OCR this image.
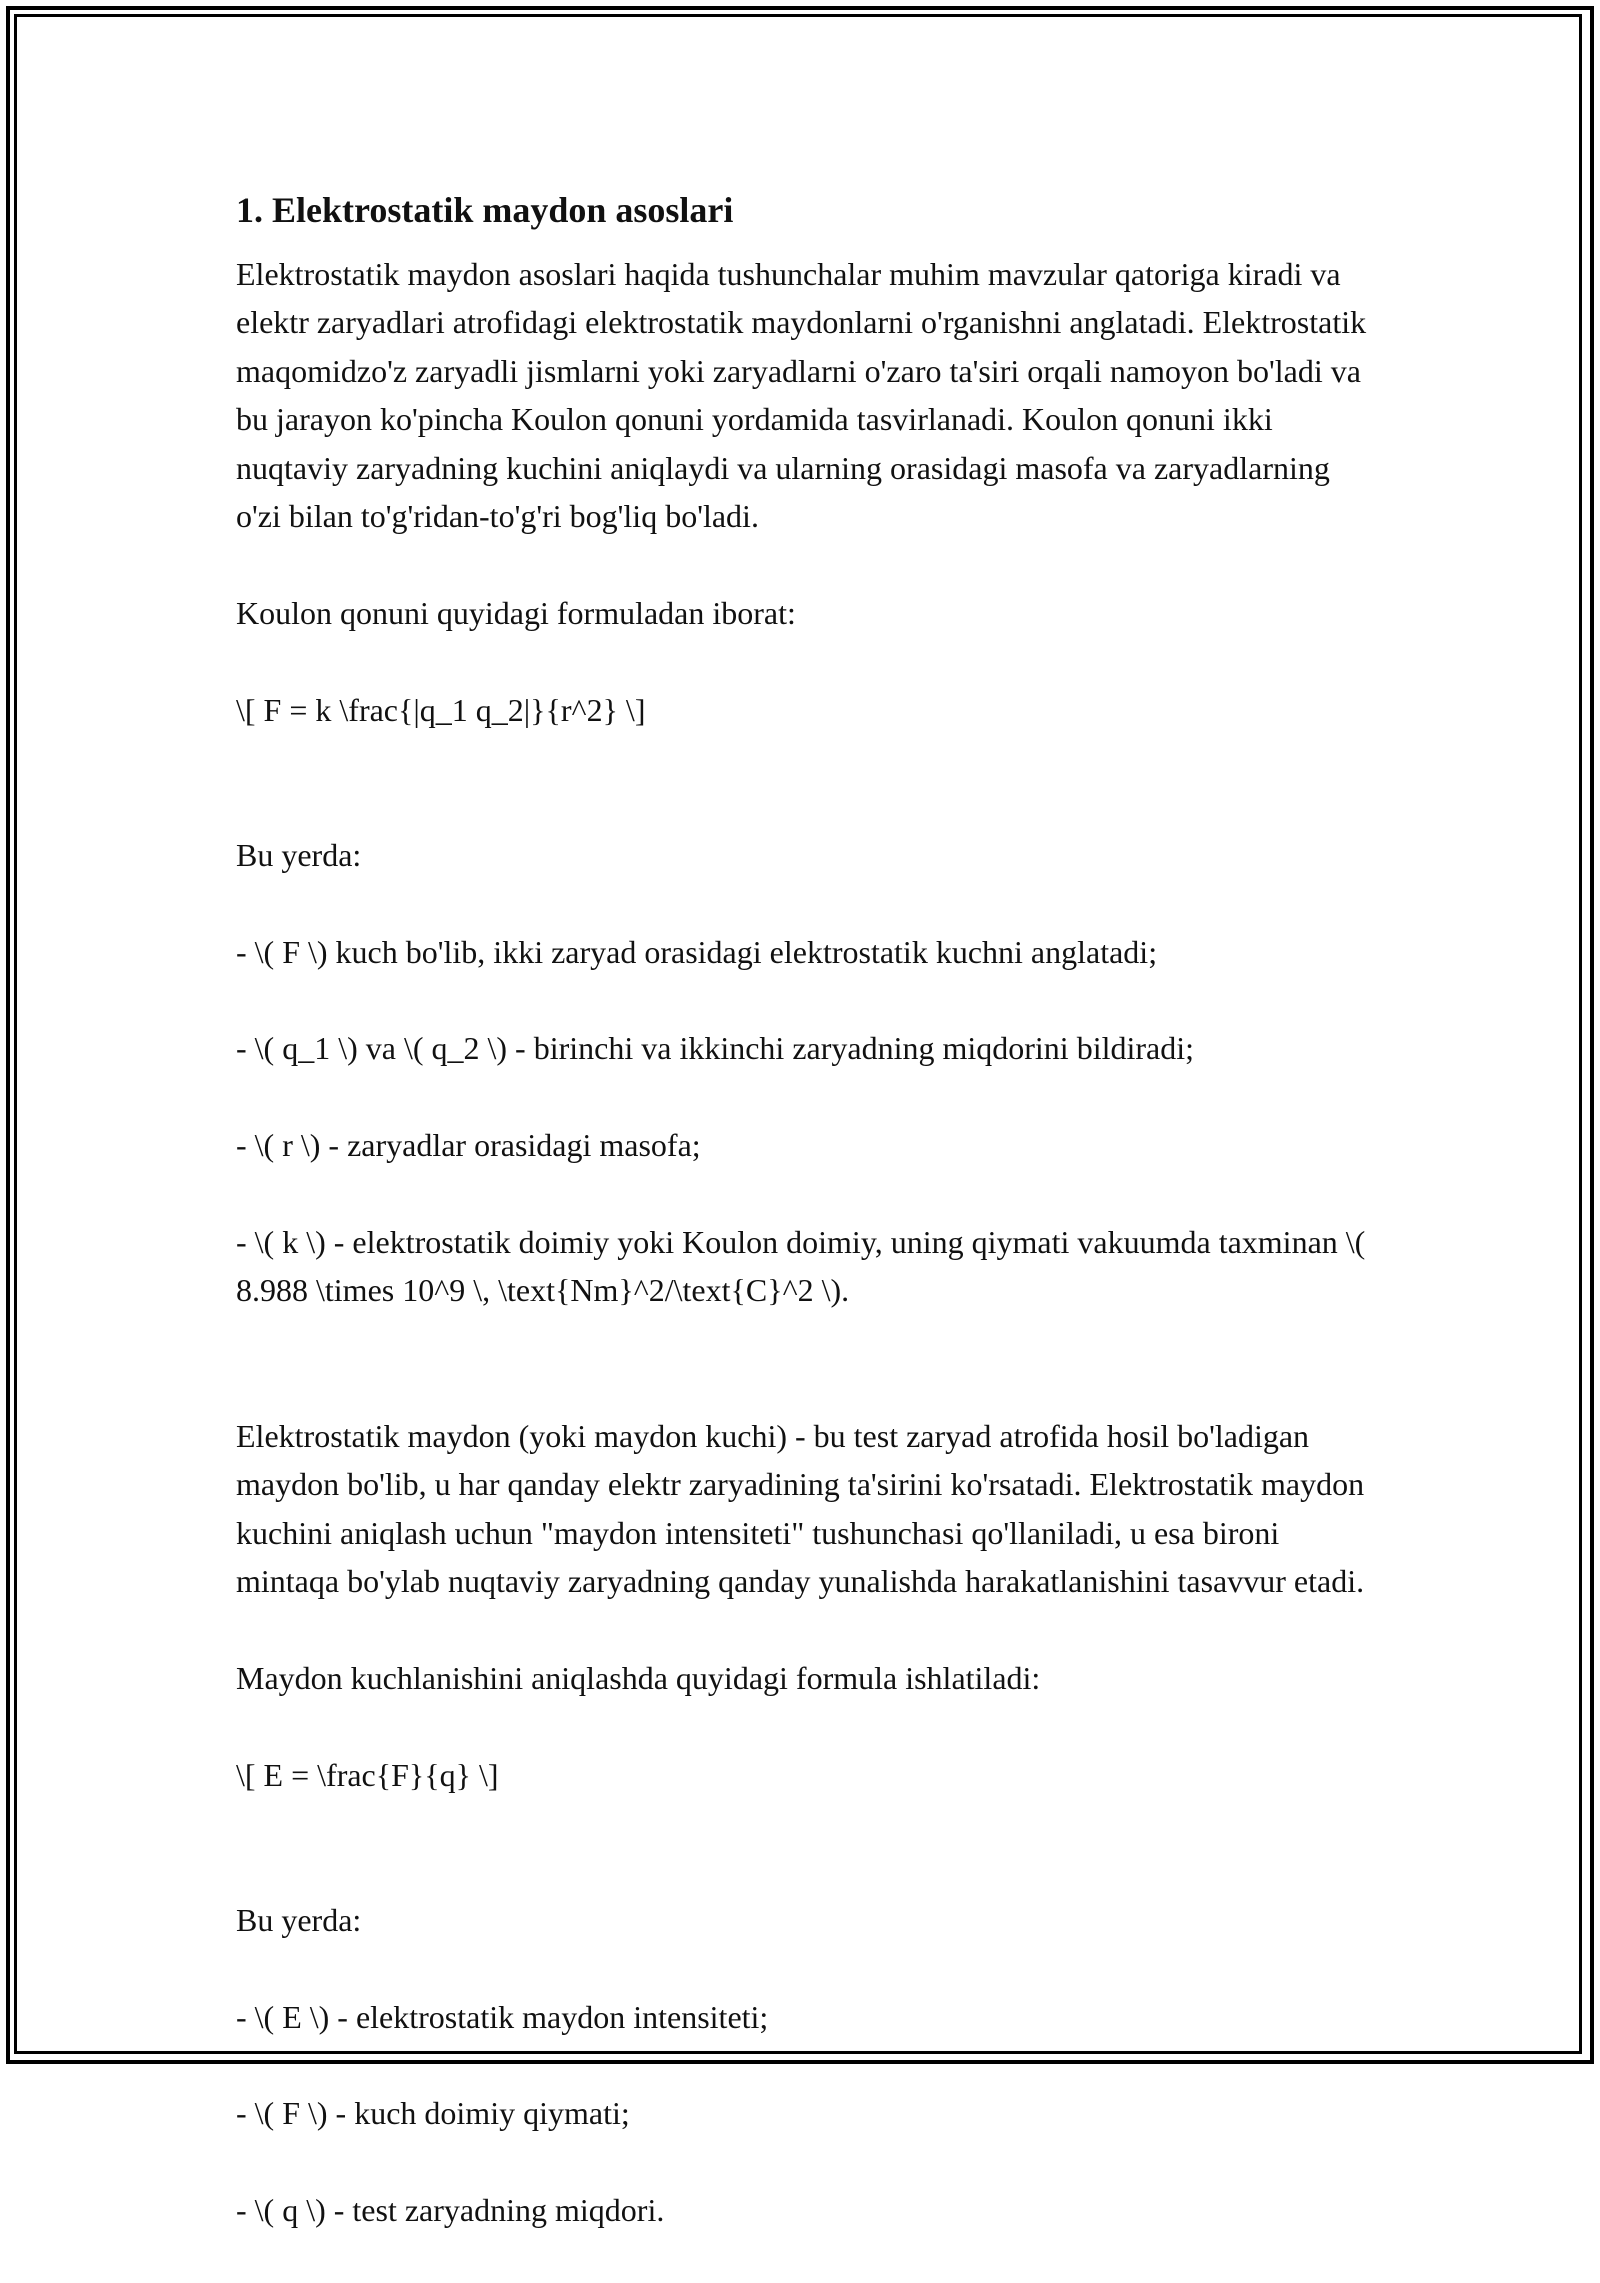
1. Elektrostatik maydon asoslari

Elektrostatik maydon asoslari haqida tushunchalar muhim mavzular qatoriga kiradi va elektr zaryadlari atrofidagi elektrostatik maydonlarni o'rganishni anglatadi. Elektrostatik maqomidzo'z zaryadli jismlarni yoki zaryadlarni o'zaro ta'siri orqali namoyon bo'ladi va bu jarayon ko'pincha Koulon qonuni yordamida tasvirlanadi. Koulon qonuni ikki nuqtaviy zaryadning kuchini aniqlaydi va ularning orasidagi masofa va zaryadlarning o'zi bilan to'g'ridan-to'g'ri bog'liq bo'ladi.

Koulon qonuni quyidagi formuladan iborat:

\[ F = k \frac{|q_1 q_2|}{r^2} \]

Bu yerda:

- \( F \) kuch bo'lib, ikki zaryad orasidagi elektrostatik kuchni anglatadi;

- \( q_1 \) va \( q_2 \) - birinchi va ikkinchi zaryadning miqdorini bildiradi;

- \( r \) - zaryadlar orasidagi masofa;

- \( k \) - elektrostatik doimiy yoki Koulon doimiy, uning qiymati vakuumda taxminan \( 8.988 \times 10^9 \, \text{Nm}^2/\text{C}^2 \).

Elektrostatik maydon (yoki maydon kuchi) - bu test zaryad atrofida hosil bo'ladigan maydon bo'lib, u har qanday elektr zaryadining ta'sirini ko'rsatadi. Elektrostatik maydon kuchini aniqlash uchun "maydon intensiteti" tushunchasi qo'llaniladi, u esa bironi mintaqa bo'ylab nuqtaviy zaryadning qanday yunalishda harakatlanishini tasavvur etadi.

Maydon kuchlanishini aniqlashda quyidagi formula ishlatiladi:

\[ E = \frac{F}{q} \]

Bu yerda:

- \( E \) - elektrostatik maydon intensiteti;

- \( F \) - kuch doimiy qiymati;

- \( q \) - test zaryadning miqdori.
